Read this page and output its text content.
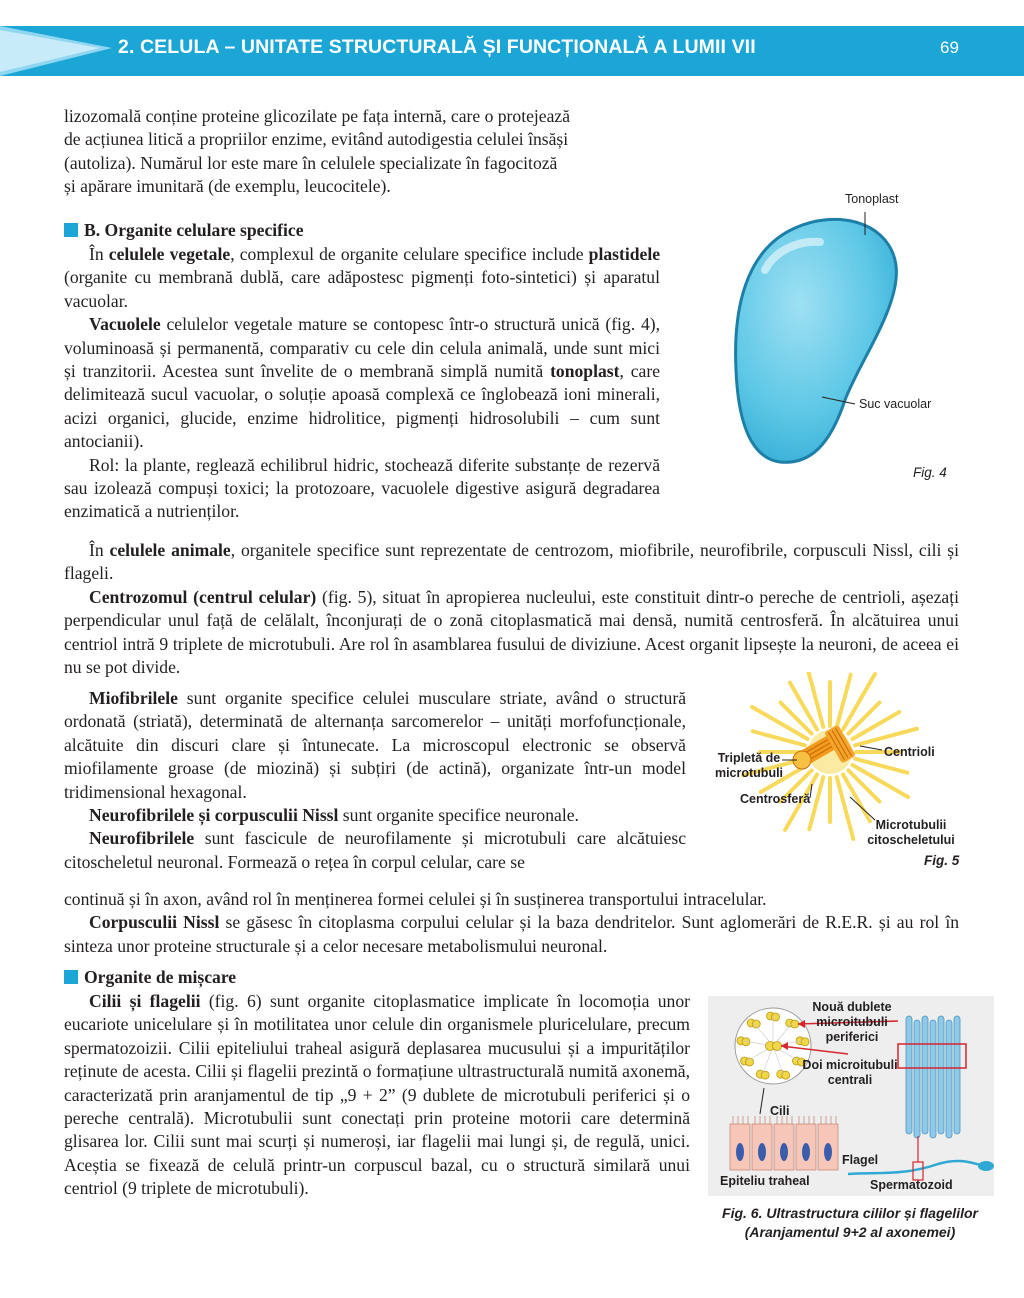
2. CELULA – UNITATE STRUCTURALĂ ȘI FUNCȚIONALĂ A LUMII VII	69

lizozomală conține proteine glicozilate pe fața internă, care o protejează

de acțiunea litică a propriilor enzime, evitând autodigestia celulei însăși

(autoliza). Numărul lor este mare în celulele specializate în fagocitoză

și apărare imunitară (de exemplu, leucocitele).

B. Organite celulare specifice

În celulele vegetale, complexul de organite celulare specifice include plastidele (organite cu membrană dublă, care adăpostesc pigmenți foto-sintetici) și aparatul vacuolar.

Vacuolele celulelor vegetale mature se contopesc într-o structură unică (fig. 4), voluminoasă și permanentă, comparativ cu cele din celula animală, unde sunt mici și tranzitorii. Acestea sunt învelite de o membrană simplă numită tonoplast, care delimitează sucul vacuolar, o soluție apoasă complexă ce înglobează ioni minerali, acizi organici, glucide, enzime hidrolitice, pigmenți hidrosolubili – cum sunt antocianii).

Rol: la plante, reglează echilibrul hidric, stochează diferite substanțe de rezervă sau izolează compuși toxici; la protozoare, vacuolele digestive asigură degradarea enzimatică a nutrienților.

În celulele animale, organitele specifice sunt reprezentate de centrozom, miofibrile, neurofibrile, corpusculi Nissl, cili și flageli.

Centrozomul (centrul celular) (fig. 5), situat în apropierea nucleului, este constituit dintr-o pereche de centrioli, așezați perpendicular unul față de celălalt, înconjurați de o zonă citoplasmatică mai densă, numită centrosferă. În alcătuirea unui centriol intră 9 triplete de microtubuli. Are rol în asamblarea fusului de diviziune. Acest organit lipsește la neuroni, de aceea ei nu se pot divide.

Miofibrilele sunt organite specifice celulei musculare striate, având o structură ordonată (striată), determinată de alternanța sarcomerelor – unități morfofuncționale, alcătuite din discuri clare și întunecate. La microscopul electronic se observă miofilamente groase (de miozină) și subțiri (de actină), organizate într-un model tridimensional hexagonal.

Neurofibrilele și corpusculii Nissl sunt organite specifice neuronale.

Neurofibrilele sunt fascicule de neurofilamente și microtubuli care alcătuiesc citoscheletul neuronal. Formează o rețea în corpul celular, care se

continuă și în axon, având rol în menținerea formei celulei și în susținerea transportului intracelular.

Corpusculii Nissl se găsesc în citoplasma corpului celular și la baza dendritelor. Sunt aglomerări de R.E.R. și au rol în sinteza unor proteine structurale și a celor necesare metabolismului neuronal.

Organite de mișcare

Cilii și flagelii (fig. 6) sunt organite citoplasmatice implicate în locomoția unor eucariote unicelulare și în motilitatea unor celule din organismele pluricelulare, precum spermatozoizii. Cilii epiteliului traheal asigură deplasarea mucusului și a impurităților reținute de acesta. Cilii și flagelii prezintă o formațiune ultrastructurală numită axonemă, caracterizată prin aranjamentul de tip „9 + 2” (9 dublete de microtubuli periferici și o pereche centrală). Microtubulii sunt conectați prin proteine motorii care determină glisarea lor. Cilii sunt mai scurți și numeroși, iar flagelii mai lungi și, de regulă, unici. Aceștia se fixează de celulă printr-un corpuscul bazal, cu o structură similară unui centriol (9 triplete de microtubuli).

Tonoplast
Suc vacuolar
Fig. 4
Tripletă de microtubuli
Centrioli
Centrosferă
Microtubulii citoscheletului
Fig. 5
Nouă dublete microitubuli periferici
Doi microitubuli centrali
Cili
Flagel
Epiteliu traheal	Spermatozoid
Fig. 6. Ultrastructura cililor și flagelilor
(Aranjamentul 9+2 al axonemei)
